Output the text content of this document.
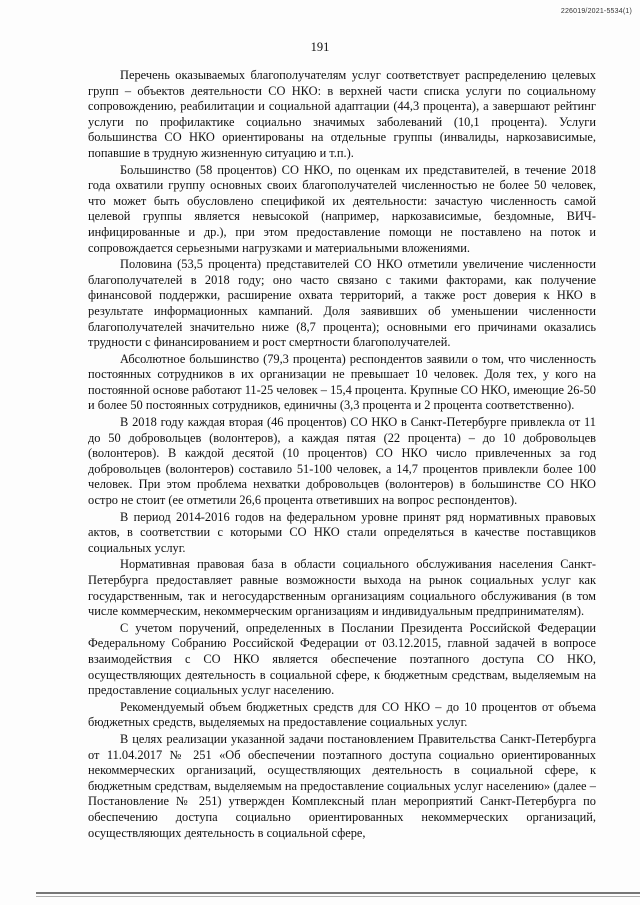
226019/2021-5534(1)
191

Перечень оказываемых благополучателям услуг соответствует распределению целевых групп – объектов деятельности СО НКО: в верхней части списка услуги по социальному сопровождению, реабилитации и социальной адаптации (44,3 процента), а завершают рейтинг услуги по профилактике социально значимых заболеваний (10,1 процента). Услуги большинства СО НКО ориентированы на отдельные группы (инвалиды, наркозависимые, попавшие в трудную жизненную ситуацию и т.п.).

Большинство (58 процентов) СО НКО, по оценкам их представителей, в течение 2018 года охватили группу основных своих благополучателей численностью не более 50 человек, что может быть обусловлено спецификой их деятельности: зачастую численность самой целевой группы является невысокой (например, наркозависимые, бездомные, ВИЧ-инфицированные и др.), при этом предоставление помощи не поставлено на поток и сопровождается серьезными нагрузками и материальными вложениями.

Половина (53,5 процента) представителей СО НКО отметили увеличение численности благополучателей в 2018 году; оно часто связано с такими факторами, как получение финансовой поддержки, расширение охвата территорий, а также рост доверия к НКО в результате информационных кампаний. Доля заявивших об уменьшении численности благополучателей значительно ниже (8,7 процента); основными его причинами оказались трудности с финансированием и рост смертности благополучателей.

Абсолютное большинство (79,3 процента) респондентов заявили о том, что численность постоянных сотрудников в их организации не превышает 10 человек. Доля тех, у кого на постоянной основе работают 11-25 человек – 15,4 процента. Крупные СО НКО, имеющие 26-50 и более 50 постоянных сотрудников, единичны (3,3 процента и 2 процента соответственно).

В 2018 году каждая вторая (46 процентов) СО НКО в Санкт-Петербурге привлекла от 11 до 50 добровольцев (волонтеров), а каждая пятая (22 процента) – до 10 добровольцев (волонтеров). В каждой десятой (10 процентов) СО НКО число привлеченных за год добровольцев (волонтеров) составило 51-100 человек, а 14,7 процентов привлекли более 100 человек. При этом проблема нехватки добровольцев (волонтеров) в большинстве СО НКО остро не стоит (ее отметили 26,6 процента ответивших на вопрос респондентов).

В период 2014-2016 годов на федеральном уровне принят ряд нормативных правовых актов, в соответствии с которыми СО НКО стали определяться в качестве поставщиков социальных услуг.

Нормативная правовая база в области социального обслуживания населения Санкт-Петербурга предоставляет равные возможности выхода на рынок социальных услуг как государственным, так и негосударственным организациям социального обслуживания (в том числе коммерческим, некоммерческим организациям и индивидуальным предпринимателям).

С учетом поручений, определенных в Послании Президента Российской Федерации Федеральному Собранию Российской Федерации от 03.12.2015, главной задачей в вопросе взаимодействия с СО НКО является обеспечение поэтапного доступа СО НКО, осуществляющих деятельность в социальной сфере, к бюджетным средствам, выделяемым на предоставление социальных услуг населению.

Рекомендуемый объем бюджетных средств для СО НКО – до 10 процентов от объема бюджетных средств, выделяемых на предоставление социальных услуг.

В целях реализации указанной задачи постановлением Правительства Санкт-Петербурга от 11.04.2017 № 251 «Об обеспечении поэтапного доступа социально ориентированных некоммерческих организаций, осуществляющих деятельность в социальной сфере, к бюджетным средствам, выделяемым на предоставление социальных услуг населению» (далее – Постановление № 251) утвержден Комплексный план мероприятий Санкт-Петербурга по обеспечению доступа социально ориентированных некоммерческих организаций, осуществляющих деятельность в социальной сфере,
